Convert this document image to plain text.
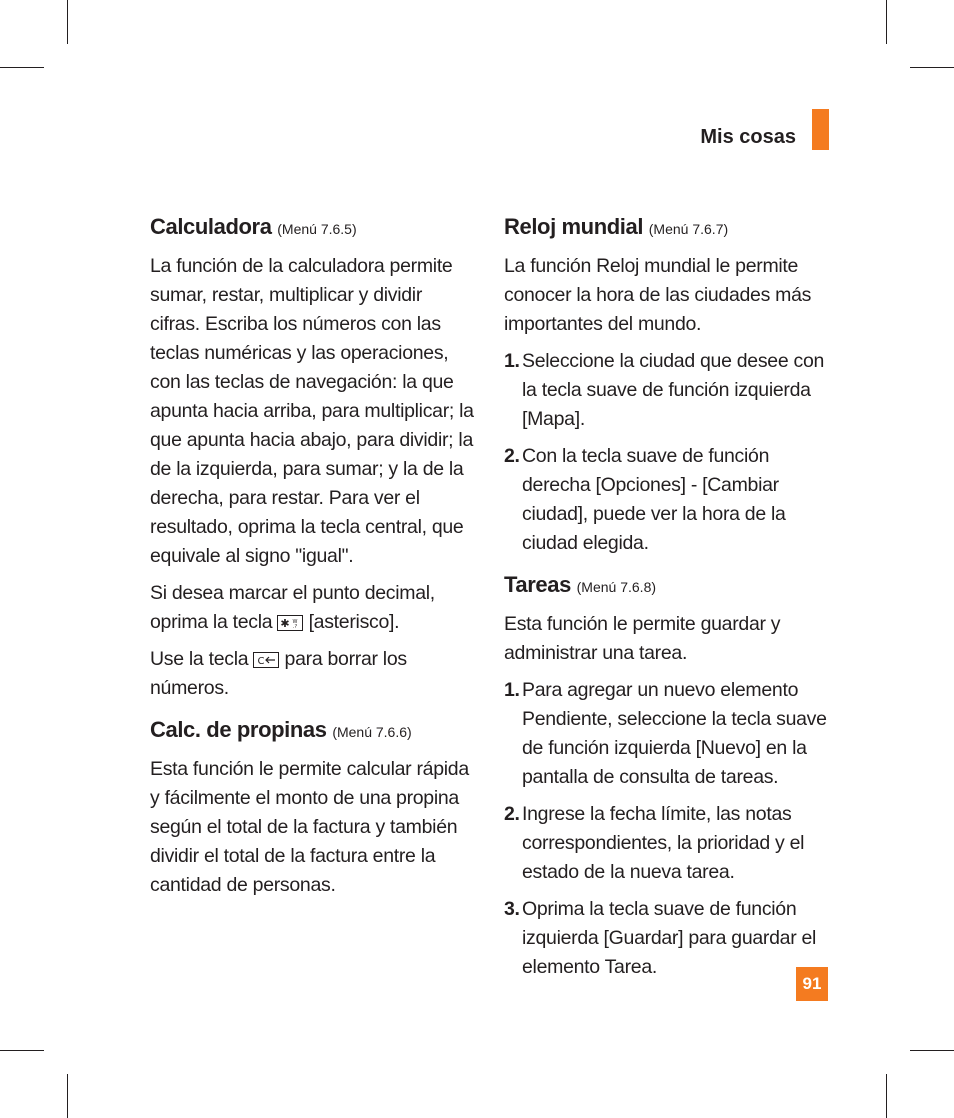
Mis cosas
Calculadora (Menú 7.6.5)

La función de la calculadora permite sumar, restar, multiplicar y dividir cifras. Escriba los números con las teclas numéricas y las operaciones, con las teclas de navegación: la que apunta hacia arriba, para multiplicar; la que apunta hacia abajo, para dividir; la de la izquierda, para sumar; y la de la derecha, para restar. Para ver el resultado, oprima la tecla central, que equivale al signo "igual".

Si desea marcar el punto decimal, oprima la tecla ✱ W
.? [asterisco].

Use la tecla C para borrar los números.

Calc. de propinas (Menú 7.6.6)

Esta función le permite calcular rápida y fácilmente el monto de una propina según el total de la factura y también dividir el total de la factura entre la cantidad de personas.

Reloj mundial (Menú 7.6.7)

La función Reloj mundial le permite conocer la hora de las ciudades más importantes del mundo.

1. Seleccione la ciudad que desee con la tecla suave de función izquierda [Mapa].
2. Con la tecla suave de función derecha [Opciones] - [Cambiar ciudad], puede ver la hora de la ciudad elegida.
Tareas (Menú 7.6.8)

Esta función le permite guardar y administrar una tarea.

1. Para agregar un nuevo elemento Pendiente, seleccione la tecla suave de función izquierda [Nuevo] en la pantalla de consulta de tareas.
2. Ingrese la fecha límite, las notas correspondientes, la prioridad y el estado de la nueva tarea.
3. Oprima la tecla suave de función izquierda [Guardar] para guardar el elemento Tarea.
91
